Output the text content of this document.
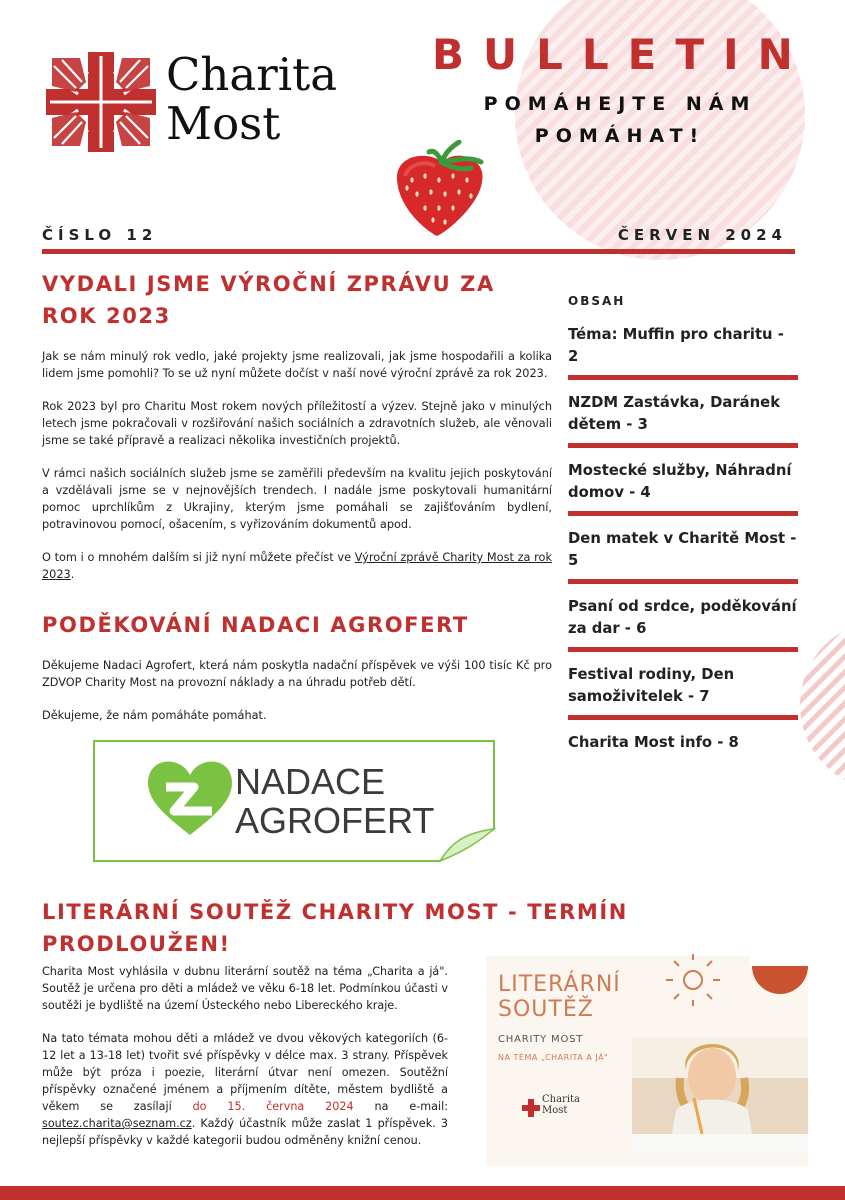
Charita
Most
BULLETIN
POMÁHEJTE NÁM
POMÁHAT!
ČÍSLO 12	ČERVEN 2024
VYDALI JSME VÝROČNÍ ZPRÁVU ZA ROK 2023

Jak se nám minulý rok vedlo, jaké projekty jsme realizovali, jak jsme hospodařili a kolika lidem jsme pomohli? To se už nyní můžete dočíst v naší nové výroční zprávě za rok 2023.

Rok 2023 byl pro Charitu Most rokem nových příležitostí a výzev. Stejně jako v minulých letech jsme pokračovali v rozšiřování našich sociálních a zdravotních služeb, ale věnovali jsme se také přípravě a realizaci několika investičních projektů.

V rámci našich sociálních služeb jsme se zaměřili především na kvalitu jejich poskytování a vzdělávali jsme se v nejnovějších trendech. I nadále jsme poskytovali humanitární pomoc uprchlíkům z Ukrajiny, kterým jsme pomáhali se zajišťováním bydlení, potravinovou pomocí, ošacením, s vyřizováním dokumentů apod.

O tom i o mnohém dalším si již nyní můžete přečíst ve Výroční zprávě Charity Most za rok 2023.

PODĚKOVÁNÍ NADACI AGROFERT

Děkujeme Nadaci Agrofert, která nám poskytla nadační příspěvek ve výši 100 tisíc Kč pro ZDVOP Charity Most na provozní náklady a na úhradu potřeb dětí.

Děkujeme, že nám pomáháte pomáhat.

NADACE
AGROFERT
OBSAH
Téma: Muffin pro charitu - 2
NZDM Zastávka, Daránek dětem - 3
Mostecké služby, Náhradní domov - 4
Den matek v Charitě Most - 5
Psaní od srdce, poděkování za dar - 6
Festival rodiny, Den samoživitelek - 7
Charita Most info - 8
LITERÁRNÍ SOUTĚŽ CHARITY MOST - TERMÍN PRODLOUŽEN!

Charita Most vyhlásila v dubnu literární soutěž na téma „Charita a já". Soutěž je určena pro děti a mládež ve věku 6-18 let. Podmínkou účasti v soutěži je bydliště na území Ústeckého nebo Libereckého kraje.

Na tato témata mohou děti a mládež ve dvou věkových kategoriích (6-12 let a 13-18 let) tvořit své příspěvky v délce max. 3 strany. Příspěvek může být próza i poezie, literární útvar není omezen. Soutěžní příspěvky označené jménem a příjmením dítěte, městem bydliště a věkem se zasílají do 15. června 2024 na e-mail: soutez.charita@seznam.cz. Každý účastník může zaslat 1 příspěvek. 3 nejlepší příspěvky v každé kategorii budou odměněny knižní cenou.

LITERÁRNÍ
SOUTĚŽ
CHARITY MOST
NA TÉMA „CHARITA A JÁ"
Charita
Most
